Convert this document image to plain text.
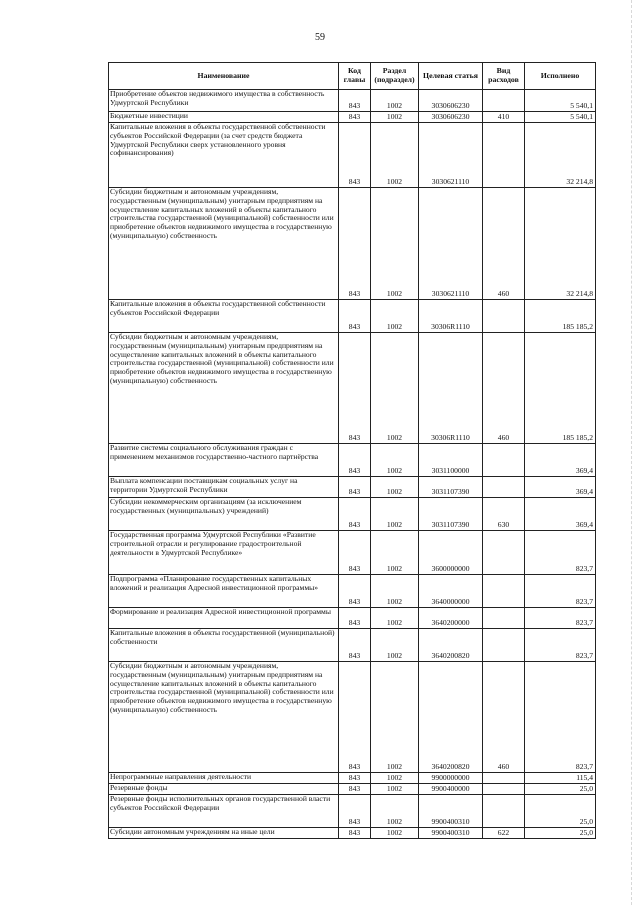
59
Наименование	Код главы	Раздел (подраздел)	Целевая статья	Вид расходов	Исполнено
Приобретение объектов недвижимого имущества в собственность Удмуртской Республики	843	1002	3030606230		5 540,1
Бюджетные инвестиции	843	1002	3030606230	410	5 540,1
Капитальные вложения в объекты государственной собственности субъектов Российской Федерации (за счет средств бюджета Удмуртской Республики сверх установленного уровня софинансирования)	843	1002	3030621110		32 214,8
Субсидии бюджетным и автономным учреждениям, государственным (муниципальным) унитарным предприятиям на осуществление капитальных вложений в объекты капитального строительства государственной (муниципальной) собственности или приобретение объектов недвижимого имущества в государственную (муниципальную) собственность	843	1002	3030621110	460	32 214,8
Капитальные вложения в объекты государственной собственности субъектов Российской Федерации	843	1002	30306R1110		185 185,2
Субсидии бюджетным и автономным учреждениям, государственным (муниципальным) унитарным предприятиям на осуществление капитальных вложений в объекты капитального строительства государственной (муниципальной) собственности или приобретение объектов недвижимого имущества в государственную (муниципальную) собственность	843	1002	30306R1110	460	185 185,2
Развитие системы социального обслуживания граждан с применением механизмов государственно-частного партнёрства	843	1002	3031100000		369,4
Выплата компенсации поставщикам социальных услуг на территории Удмуртской Республики	843	1002	3031107390		369,4
Субсидии некоммерческим организациям (за исключением государственных (муниципальных) учреждений)	843	1002	3031107390	630	369,4
Государственная программа Удмуртской Республики «Развитие строительной отрасли и регулирование градостроительной деятельности в Удмуртской Республике»	843	1002	3600000000		823,7
Подпрограмма «Планирование государственных капитальных вложений и реализация Адресной инвестиционной программы»	843	1002	3640000000		823,7
Формирование и реализация Адресной инвестиционной программы	843	1002	3640200000		823,7
Капитальные вложения в объекты государственной (муниципальной) собственности	843	1002	3640200820		823,7
Субсидии бюджетным и автономным учреждениям, государственным (муниципальным) унитарным предприятиям на осуществление капитальных вложений в объекты капитального строительства государственной (муниципальной) собственности или приобретение объектов недвижимого имущества в государственную (муниципальную) собственность	843	1002	3640200820	460	823,7
Непрограммные направления деятельности	843	1002	9900000000		115,4
Резервные фонды	843	1002	9900400000		25,0
Резервные фонды исполнительных органов государственной власти субъектов Российской Федерации	843	1002	9900400310		25,0
Субсидии автономным учреждениям на иные цели	843	1002	9900400310	622	25,0
